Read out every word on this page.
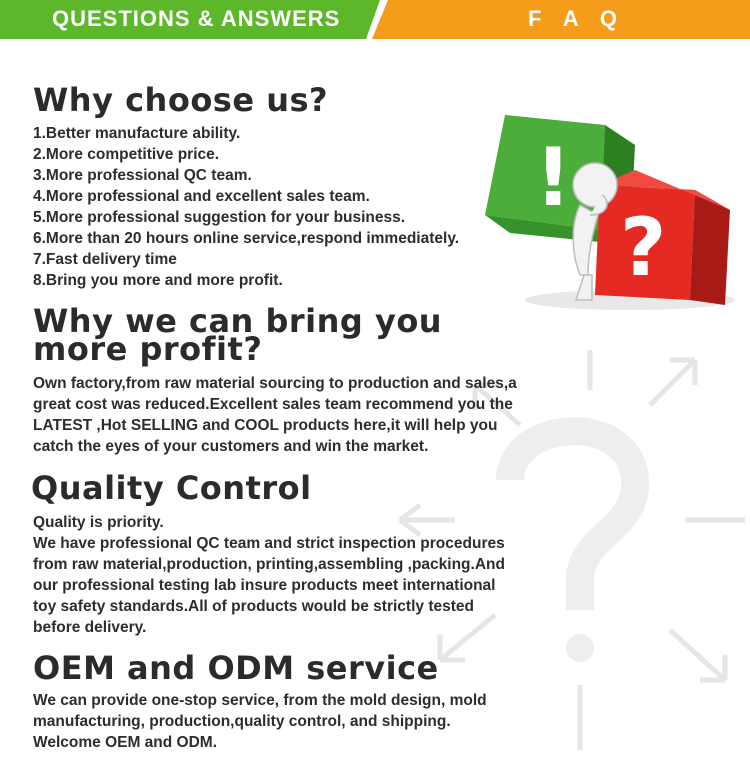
QUESTIONS & ANSWERS	F A Q
!
?
Why choose us?
1.Better manufacture ability.
2.More competitive price.
3.More professional QC team.
4.More professional and excellent sales team.
5.More professional suggestion for your business.
6.More than 20 hours online service,respond immediately.
7.Fast delivery time
8.Bring you more and more profit.
Why we can bring you
more profit?

Own factory,from raw material sourcing to production and sales,a

great cost was reduced.Excellent sales team recommend you the

LATEST ,Hot SELLING and COOL products here,it will help you

catch the eyes of your customers and win the market.

Quality Control

Quality is priority.

We have professional QC team and strict inspection procedures

from raw material,production, printing,assembling ,packing.And

our professional testing lab insure products meet international

toy safety standards.All of products would be strictly tested

before delivery.

OEM and ODM service

We can provide one-stop service, from the mold design, mold

manufacturing, production,quality control, and shipping.

Welcome OEM and ODM.
